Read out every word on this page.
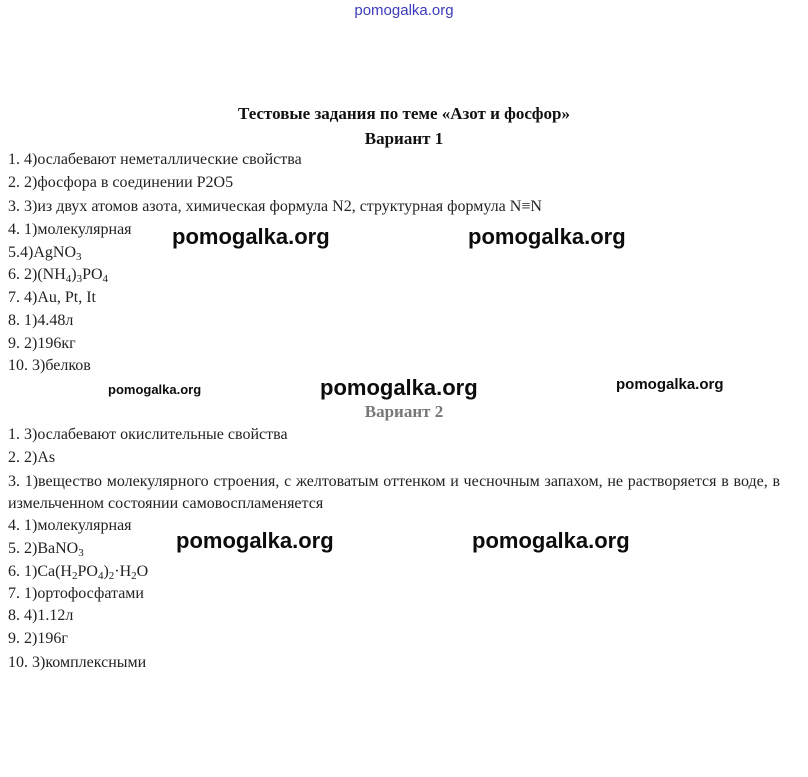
pomogalka.org
Тестовые задания по теме «Азот и фосфор»
Вариант 1
1. 4)ослабевают неметаллические свойства
2. 2)фосфора в соединении P2O5
3. 3)из двух атомов азота, химическая формула N2, структурная формула N≡N
4. 1)молекулярная
5.4)AgNO$_3$
6. $2)(NH_4)_3PO_4$
7. 4)Au, Pt, It
8. 1)4.48л
9. 2)196кг
10. 3)белков
Вариант 2
1. 3)ослабевают окислительные свойства
2. 2)As
3. 1)вещество молекулярного строения, с желтоватым оттенком и чесночным запахом, не растворяется в воде, в измельченном состоянии самовоспламеняется
4. 1)молекулярная
5. 2)BaNO$_3$
6. $1)Ca(H_2PO_4)_2\cdot H_2O$
7. 1)ортофосфатами
8. 4)1.12л
9. 2)196г
10. 3)комплексными
pomogalka.org	pomogalka.org
pomogalka.org	pomogalka.org	pomogalka.org
pomogalka.org	pomogalka.org
